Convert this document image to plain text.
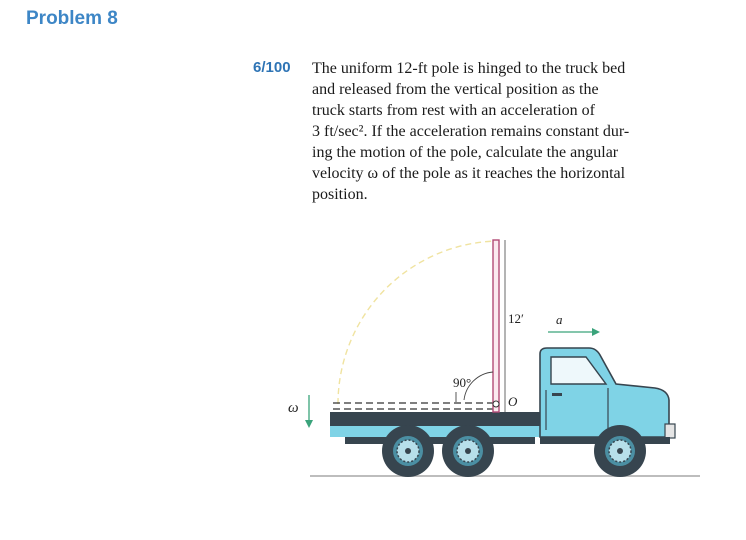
Problem 8
6/100 The uniform 12-ft pole is hinged to the truck bed
and released from the vertical position as the
truck starts from rest with an acceleration of
3 ft/sec². If the acceleration remains constant dur-
ing the motion of the pole, calculate the angular
velocity ω of the pole as it reaches the horizontal
position.
ω
12′
O
90°
a
